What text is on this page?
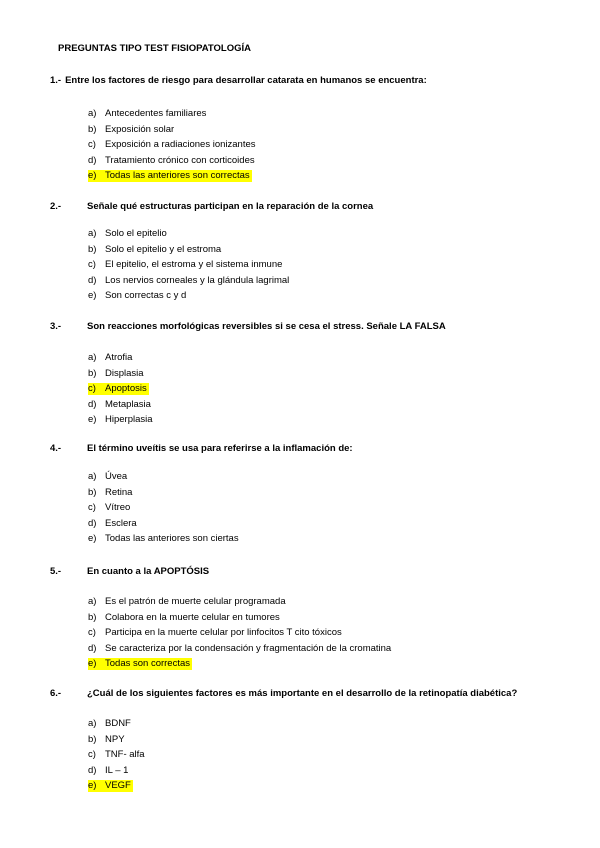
PREGUNTAS TIPO TEST FISIOPATOLOGÍA
1.- Entre los factores de riesgo para desarrollar catarata en humanos se encuentra:
a) Antecedentes familiares
b) Exposición solar
c) Exposición a radiaciones ionizantes
d) Tratamiento crónico con corticoides
e) Todas las anteriores son correctas
2.-	Señale qué estructuras participan en la reparación de la cornea
a) Solo el epitelio
b) Solo el epitelio y el estroma
c) El epitelio, el estroma y el sistema inmune
d) Los nervios corneales y la glándula lagrimal
e) Son correctas c y d
3.-	Son reacciones morfológicas reversibles si se cesa el stress. Señale LA FALSA
a) Atrofia
b) Displasia
c) Apoptosis
d) Metaplasia
e) Hiperplasia
4.-	El término uveítis se usa para referirse a la inflamación de:
a) Úvea
b) Retina
c) Vítreo
d) Esclera
e) Todas las anteriores son ciertas
5.-	En cuanto a la APOPTÓSIS
a) Es el patrón de muerte celular programada
b) Colabora en la muerte celular en tumores
c) Participa en la muerte celular por linfocitos T cito tóxicos
d) Se caracteriza por la condensación y fragmentación de la cromatina
e) Todas son correctas
6.-	¿Cuál de los siguientes factores es más importante en el desarrollo de la retinopatía diabética?
a) BDNF
b) NPY
c) TNF- alfa
d) IL – 1
e) VEGF
